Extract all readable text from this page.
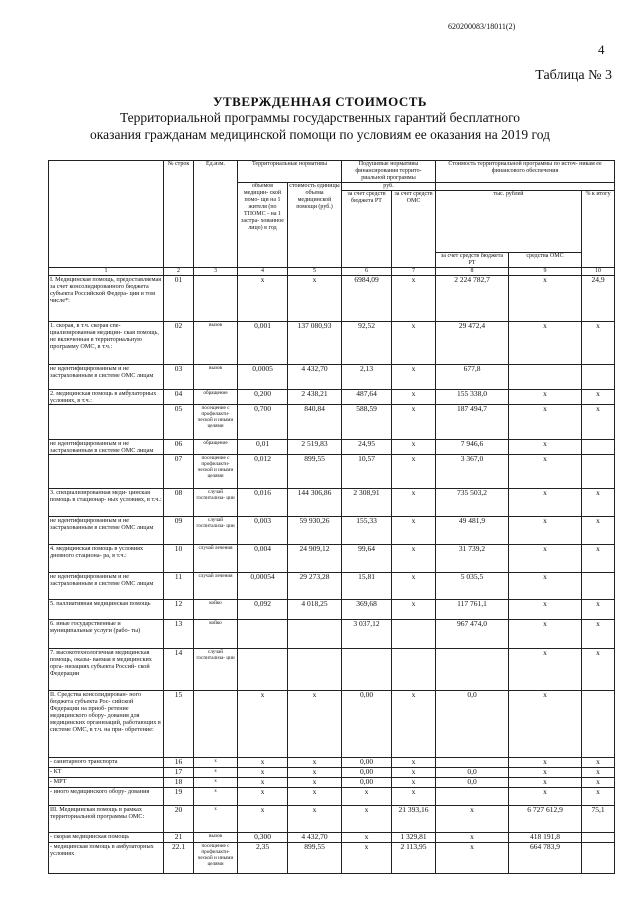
620200083/18011(2)
4
Таблица № 3
УТВЕРЖДЕННАЯ СТОИМОСТЬ
Территориальной программы государственных гарантий бесплатного
оказания гражданам медицинской помощи по условиям ее оказания на 2019 год
	№ строк	Ед.изм.	Территориальные нормативы		Подушевые нормативы финансирования террито- риальной программы		Стоимость территориальной программы по источ- никам ее финансового обеспечения		
			объемов медицин- ской помо- щи на 1 жителя (по ТПОМС - на 1 застра- хованное лицо) в год	стоимость единицы объема медицинской помощи (руб.)	руб.				
					за счет средств бюджета РТ	за счет средств ОМС	тыс. рублей		% к итогу
							за счет средств бюджета РТ	средства ОМС	
1	2	3	4	5	6	7	8	9	10
I. Медицинская помощь, предоставляемая за счет консолидированного бюджета субъекта Российской Федера- ции в том числе*:	01		x	x	6984,09	x	2 224 782,7	x	24,9
1. скорая, в т.ч. скорая спе- циализированная медицин- ская помощь, не включенная в территориальную программу ОМС, в т.ч.:	02	вызов	0,001	137 080,93	92,52	x	29 472,4	x	x
не идентифицированным и не застрахованным в системе ОМС лицам	03	вызов	0,0005	4 432,70	2,13	x	677,8		
2. медицинская помощь в амбулаторных условиях, в т.ч.:	04	обращение	0,200	2 438,21	487,64	x	155 338,0	x	x
	05	посещение с профилакти- ческой и иными целями	0,700	840,84	588,59	x	187 494,7	x	x
не идентифицированным и не застрахованным в системе ОМС лицам	06	обращение	0,01	2 519,83	24,95	x	7 946,6	x	
	07	посещение с профилакти- ческой и иными целями	0,012	899,55	10,57	x	3 367,0	x	
3. специализированная меди- цинская помощь в стационар- ных условиях, в т.ч.:	08	случай госпитализа- ции	0,016	144 306,86	2 308,91	x	735 503,2	x	x
не идентифицированным и не застрахованным в системе ОМС лицам	09	случай госпитализа- ции	0,003	59 930,26	155,33	x	49 481,9	x	x
4. медицинская помощь в условиях дневного стациона- ра, в т.ч.:	10	случай лечения	0,004	24 909,12	99,64	x	31 739,2	x	x
не идентифицированным и не застрахованным в системе ОМС лицам	11	случай лечения	0,00054	29 273,28	15,81	x	5 035,5	x	
5. паллиативная медицинская помощь	12	койко	0,092	4 018,25	369,68	x	117 761,1	x	x
6. иные государственные и муниципальные услуги (рабо- ты)	13	койко			3 037,12		967 474,0	x	x
7. высокотехнологичная медицинская помощь, оказы- ваемая в медицинских орга- низациях субъекта Россий- ской Федерации	14	случай госпитализа- ции						x	x
II. Средства консолидирован- ного бюджета субъекта Рос- сийской Федерации на приоб- ретение медицинского обору- дования для медицинских организаций, работающих в системе ОМС, в т.ч. на при- обретение:	15		x	x	0,00	x	0,0	x	
- санитарного транспорта	16	x	x	x	0,00	x		x	x
- КТ	17	x	x	x	0,00	x	0,0	x	x
- МРТ	18	x	x	x	0,00	x	0,0	x	x
- иного медицинского обору- дования	19	x	x	x	x	x		x	x
III. Медицинская помощь в рамках территориальной программы ОМС:	20	x	x	x	x	21 393,16	x	6 727 612,9	75,1
- скорая медицинская помощь	21	вызов	0,300	4 432,70	x	1 329,81	x	418 191,8	
- медицинская помощь в амбулаторных условиях	22.1	посещение с профилакти- ческой и иными целями	2,35	899,55	x	2 113,95	x	664 783,9	
